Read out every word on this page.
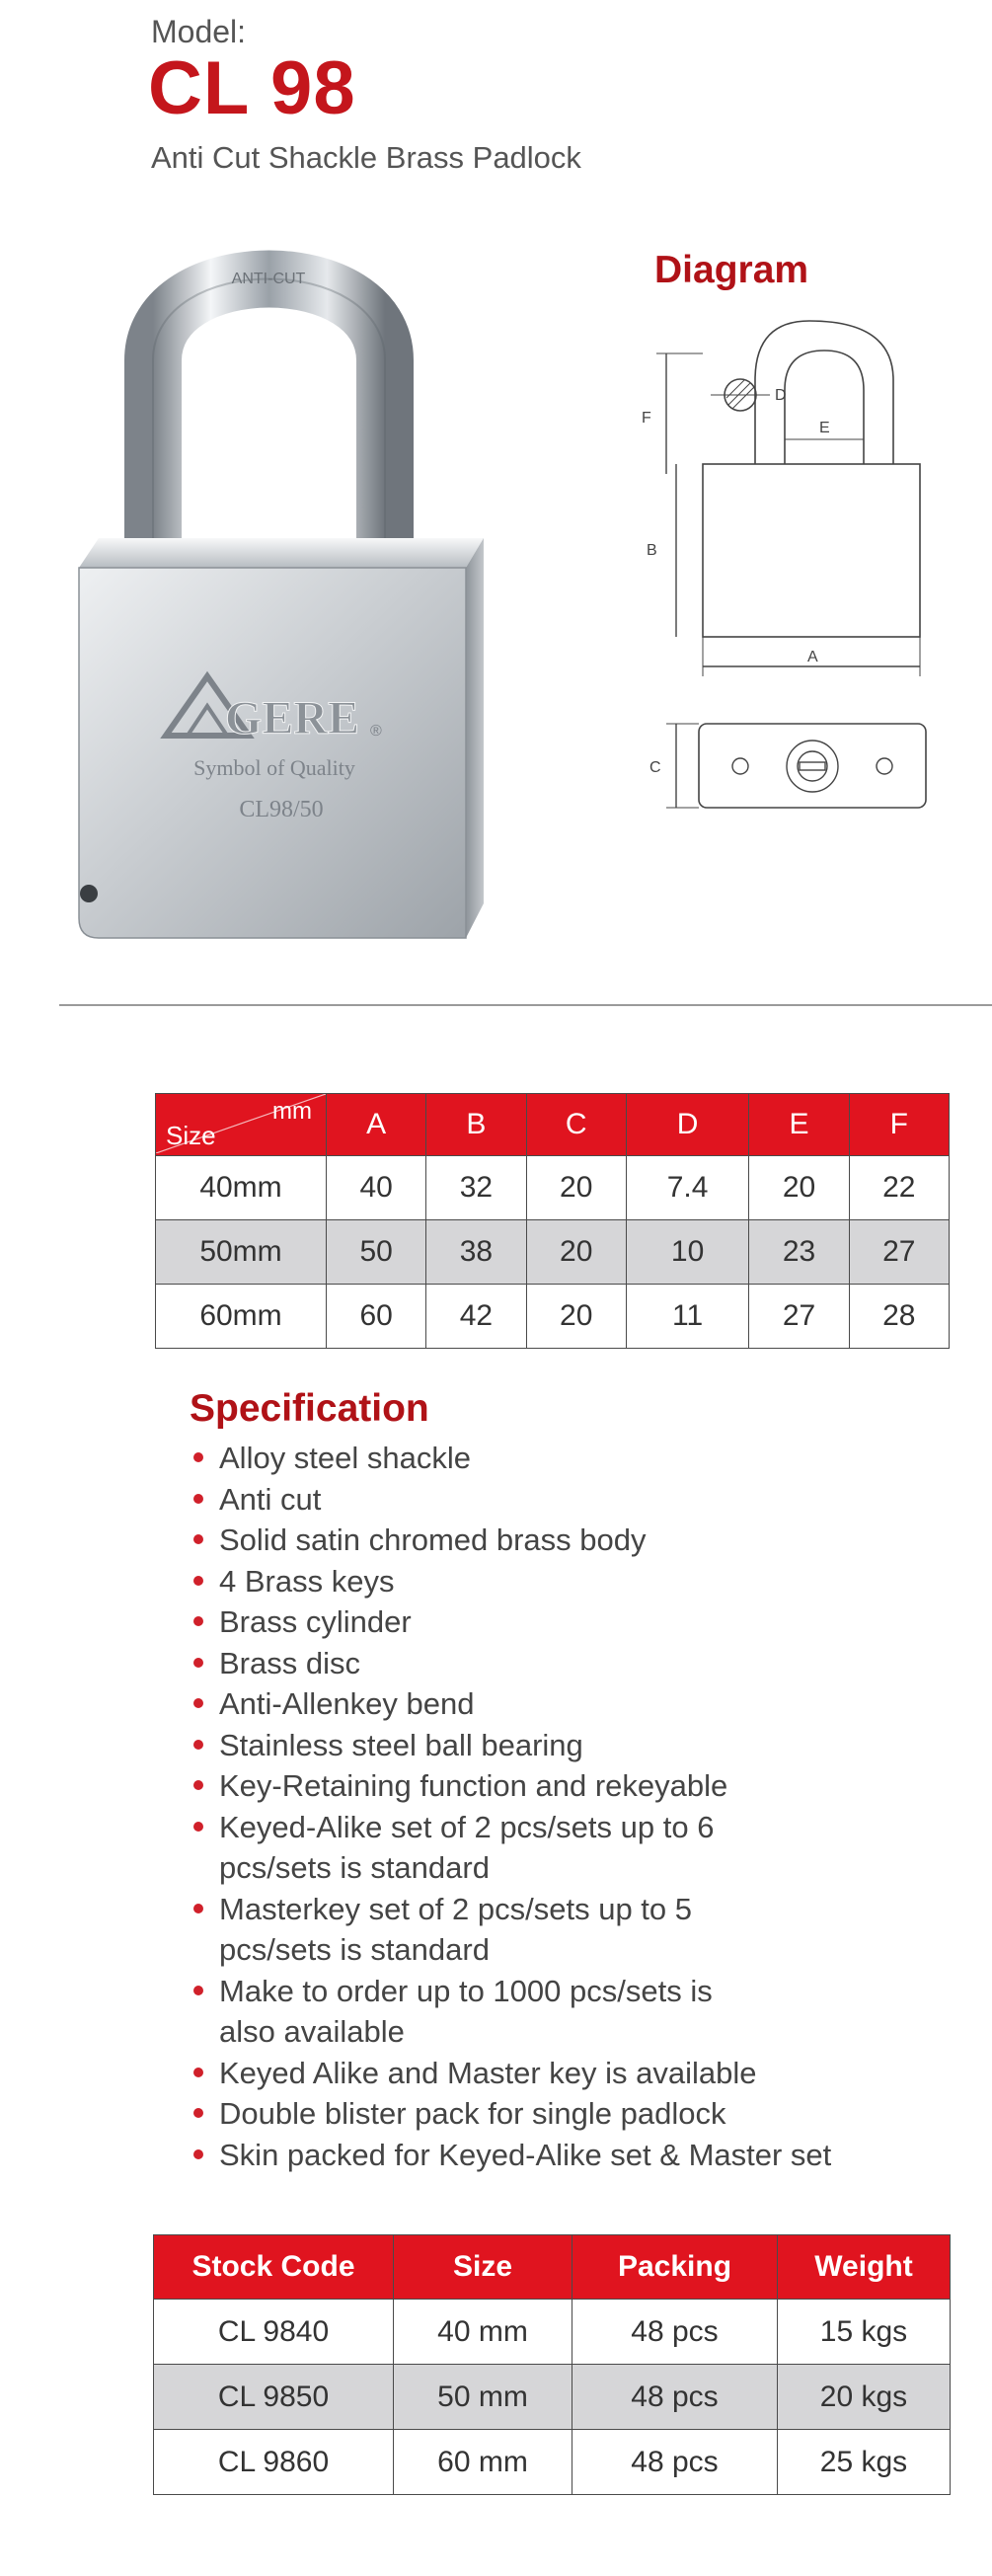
Model:
CL 98
Anti Cut Shackle Brass Padlock
ANTI-CUT
GERE ®
Symbol of Quality
CL98/50
Diagram
F
D
E
B
A
C
mm
Size	A	B	C	D	E	F
40mm	40	32	20	7.4	20	22
50mm	50	38	20	10	23	27
60mm	60	42	20	11	27	28
Specification
Alloy steel shackle
Anti cut
Solid satin chromed brass body
4 Brass keys
Brass cylinder
Brass disc
Anti-Allenkey bend
Stainless steel ball bearing
Key-Retaining function and rekeyable
Keyed-Alike set of 2 pcs/sets up to 6 pcs/sets is standard
Masterkey set of 2 pcs/sets up to 5 pcs/sets is standard
Make to order up to 1000 pcs/sets is also available
Keyed Alike and Master key is available
Double blister pack for single padlock
Skin packed for Keyed-Alike set & Master set
Stock Code	Size	Packing	Weight
CL 9840	40 mm	48 pcs	15 kgs
CL 9850	50 mm	48 pcs	20 kgs
CL 9860	60 mm	48 pcs	25 kgs
